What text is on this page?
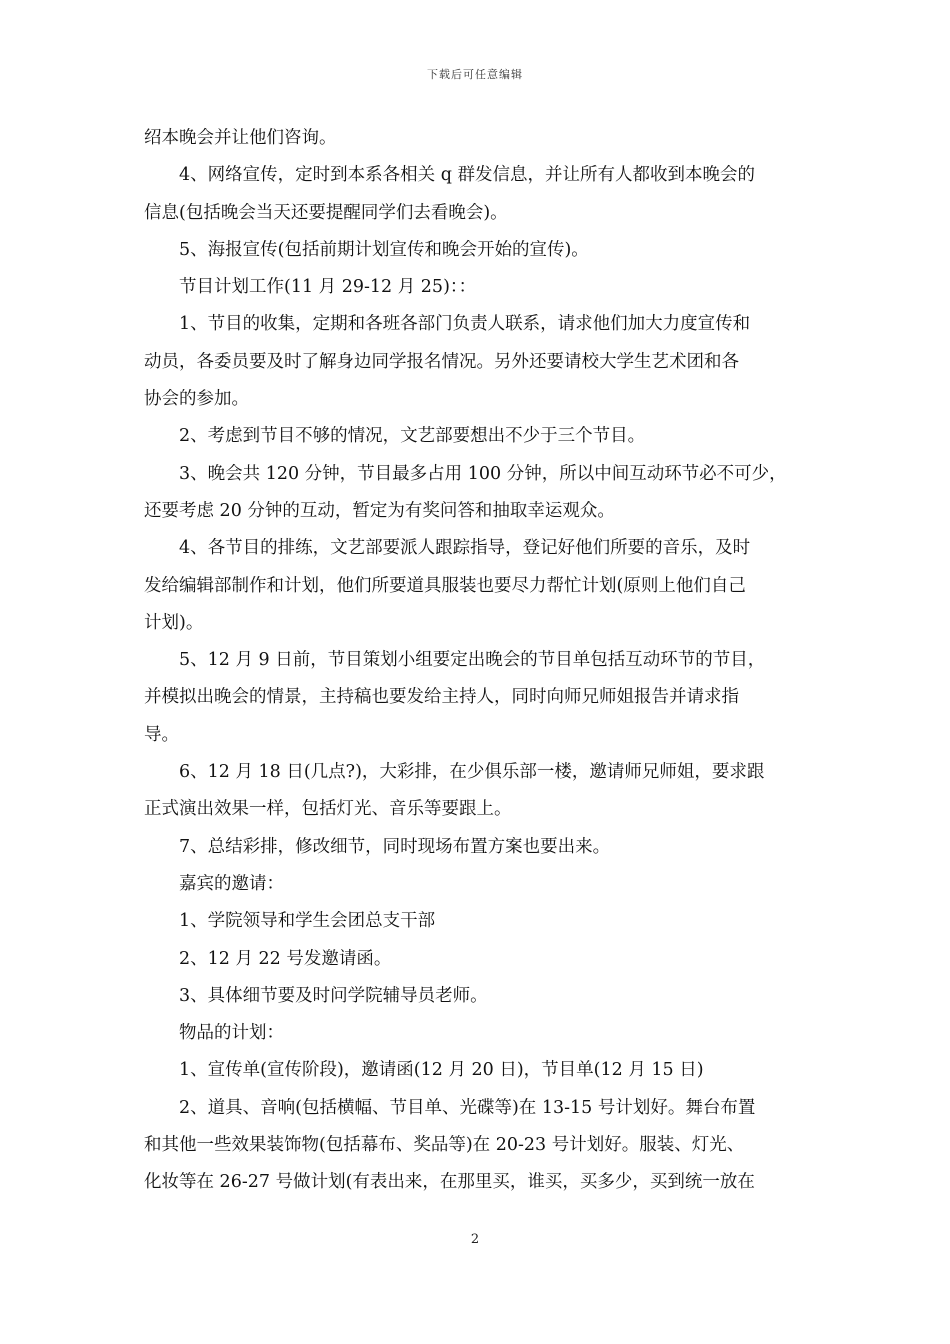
下载后可任意编辑
绍本晚会并让他们咨询。
4、网络宣传，定时到本系各相关 q 群发信息，并让所有人都收到本晚会的
信息(包括晚会当天还要提醒同学们去看晚会)。
5、海报宣传(包括前期计划宣传和晚会开始的宣传)。
节目计划工作(11 月 29-12 月 25)：：
1、节目的收集，定期和各班各部门负责人联系，请求他们加大力度宣传和
动员，各委员要及时了解身边同学报名情况。另外还要请校大学生艺术团和各
协会的参加。
2、考虑到节目不够的情况，文艺部要想出不少于三个节目。
3、晚会共 120 分钟，节目最多占用 100 分钟，所以中间互动环节必不可少，
还要考虑 20 分钟的互动，暂定为有奖问答和抽取幸运观众。
4、各节目的排练，文艺部要派人跟踪指导，登记好他们所要的音乐，及时
发给编辑部制作和计划，他们所要道具服装也要尽力帮忙计划(原则上他们自己
计划)。
5、12 月 9 日前，节目策划小组要定出晚会的节目单包括互动环节的节目，
并模拟出晚会的情景，主持稿也要发给主持人，同时向师兄师姐报告并请求指
导。
6、12 月 18 日(几点?)，大彩排，在少俱乐部一楼，邀请师兄师姐，要求跟
正式演出效果一样，包括灯光、音乐等要跟上。
7、总结彩排，修改细节，同时现场布置方案也要出来。
嘉宾的邀请：
1、学院领导和学生会团总支干部
2、12 月 22 号发邀请函。
3、具体细节要及时问学院辅导员老师。
物品的计划：
1、宣传单(宣传阶段)，邀请函(12 月 20 日)，节目单(12 月 15 日)
2、道具、音响(包括横幅、节目单、光碟等)在 13-15 号计划好。舞台布置
和其他一些效果装饰物(包括幕布、奖品等)在 20-23 号计划好。服装、灯光、
化妆等在 26-27 号做计划(有表出来，在那里买，谁买，买多少，买到统一放在
2
